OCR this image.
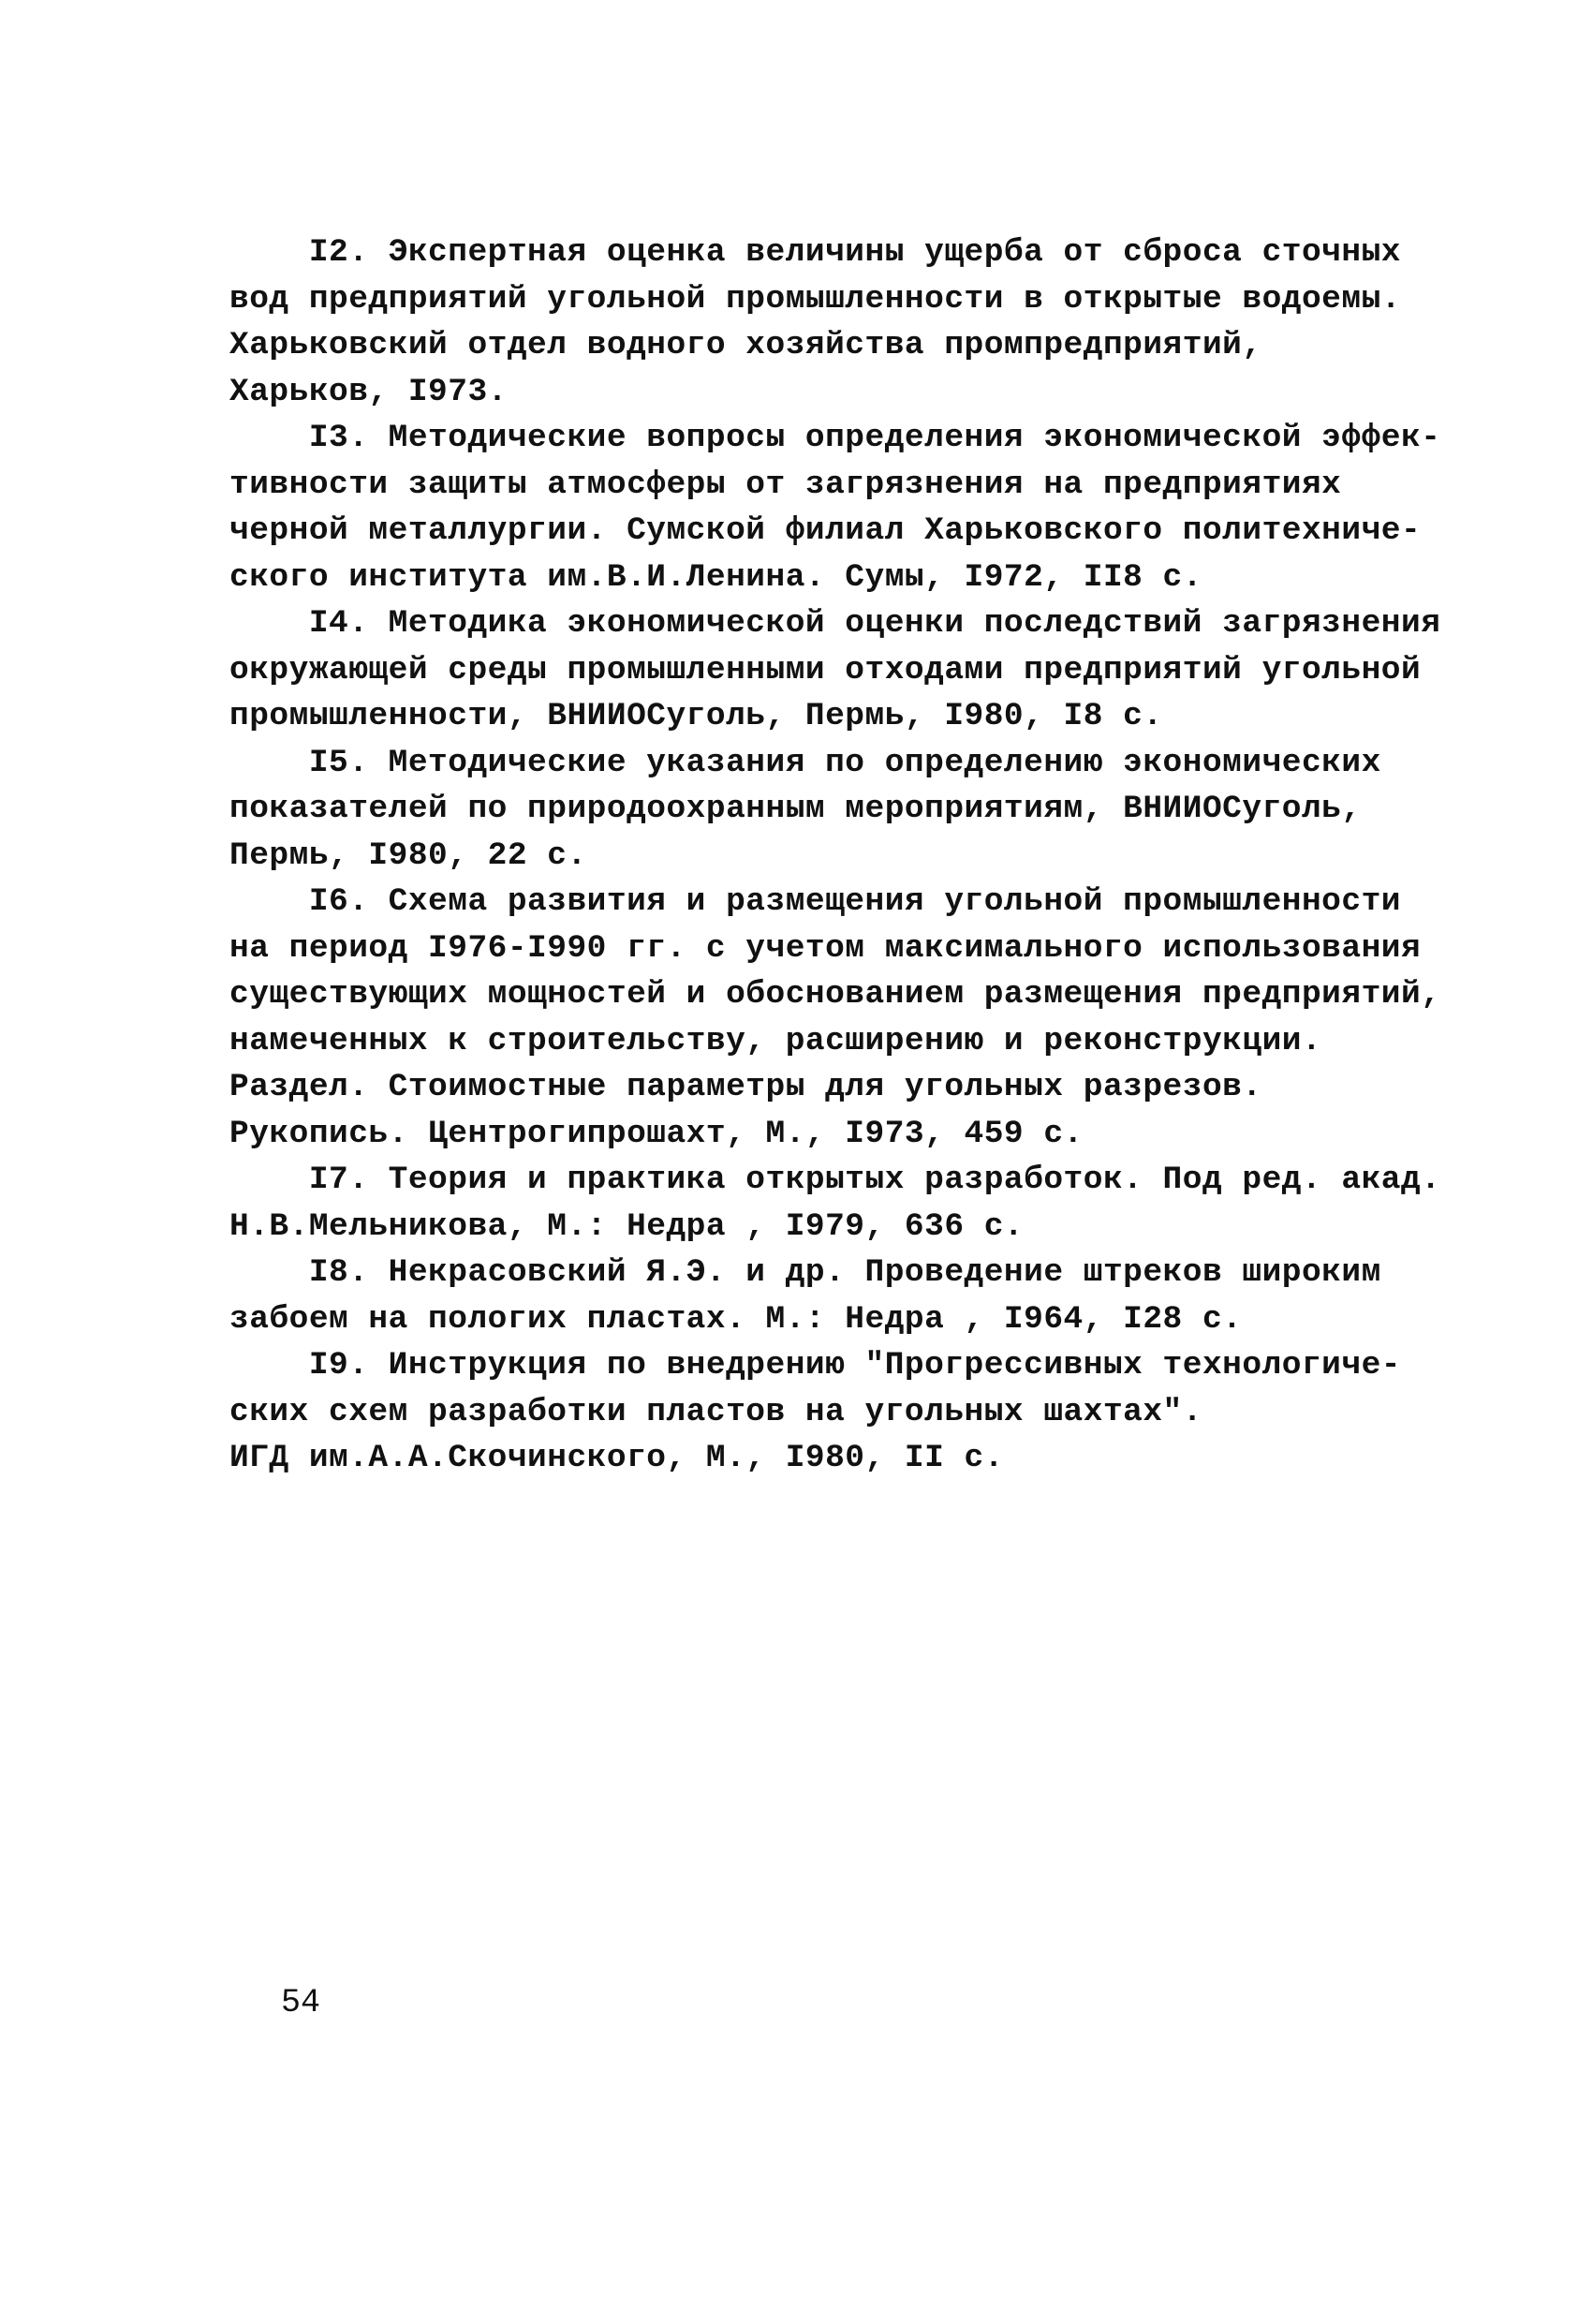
I2. Экспертная оценка величины ущерба от сброса сточных
вод предприятий угольной промышленности в открытые водоемы.
Харьковский отдел водного хозяйства промпредприятий,
Харьков, I973.
I3. Методические вопросы определения экономической эффек-
тивности защиты атмосферы от загрязнения на предприятиях
черной металлургии. Сумской филиал Харьковского политехниче-
ского института им.В.И.Ленина. Сумы, I972, II8 с.
I4. Методика экономической оценки последствий загрязнения
окружающей среды промышленными отходами предприятий угольной
промышленности, ВНИИОСуголь, Пермь, I980, I8 с.
I5. Методические указания по определению экономических
показателей по природоохранным мероприятиям, ВНИИОСуголь,
Пермь, I980, 22 с.
I6. Схема развития и размещения угольной промышленности
на период I976-I990 гг. с учетом максимального использования
существующих мощностей и обоснованием размещения предприятий,
намеченных к строительству, расширению и реконструкции.
Раздел. Стоимостные параметры для угольных разрезов.
Рукопись. Центрогипрошахт, М., I973, 459 с.
I7. Теория и практика открытых разработок. Под ред. акад.
Н.В.Мельникова, М.: Недра , I979, 636 с.
I8. Некрасовский Я.Э. и др. Проведение штреков широким
забоем на пологих пластах. М.: Недра , I964, I28 с.
I9. Инструкция по внедрению "Прогрессивных технологиче-
ских схем разработки пластов на угольных шахтах".
ИГД им.А.А.Скочинского, М., I980, II с.
54
